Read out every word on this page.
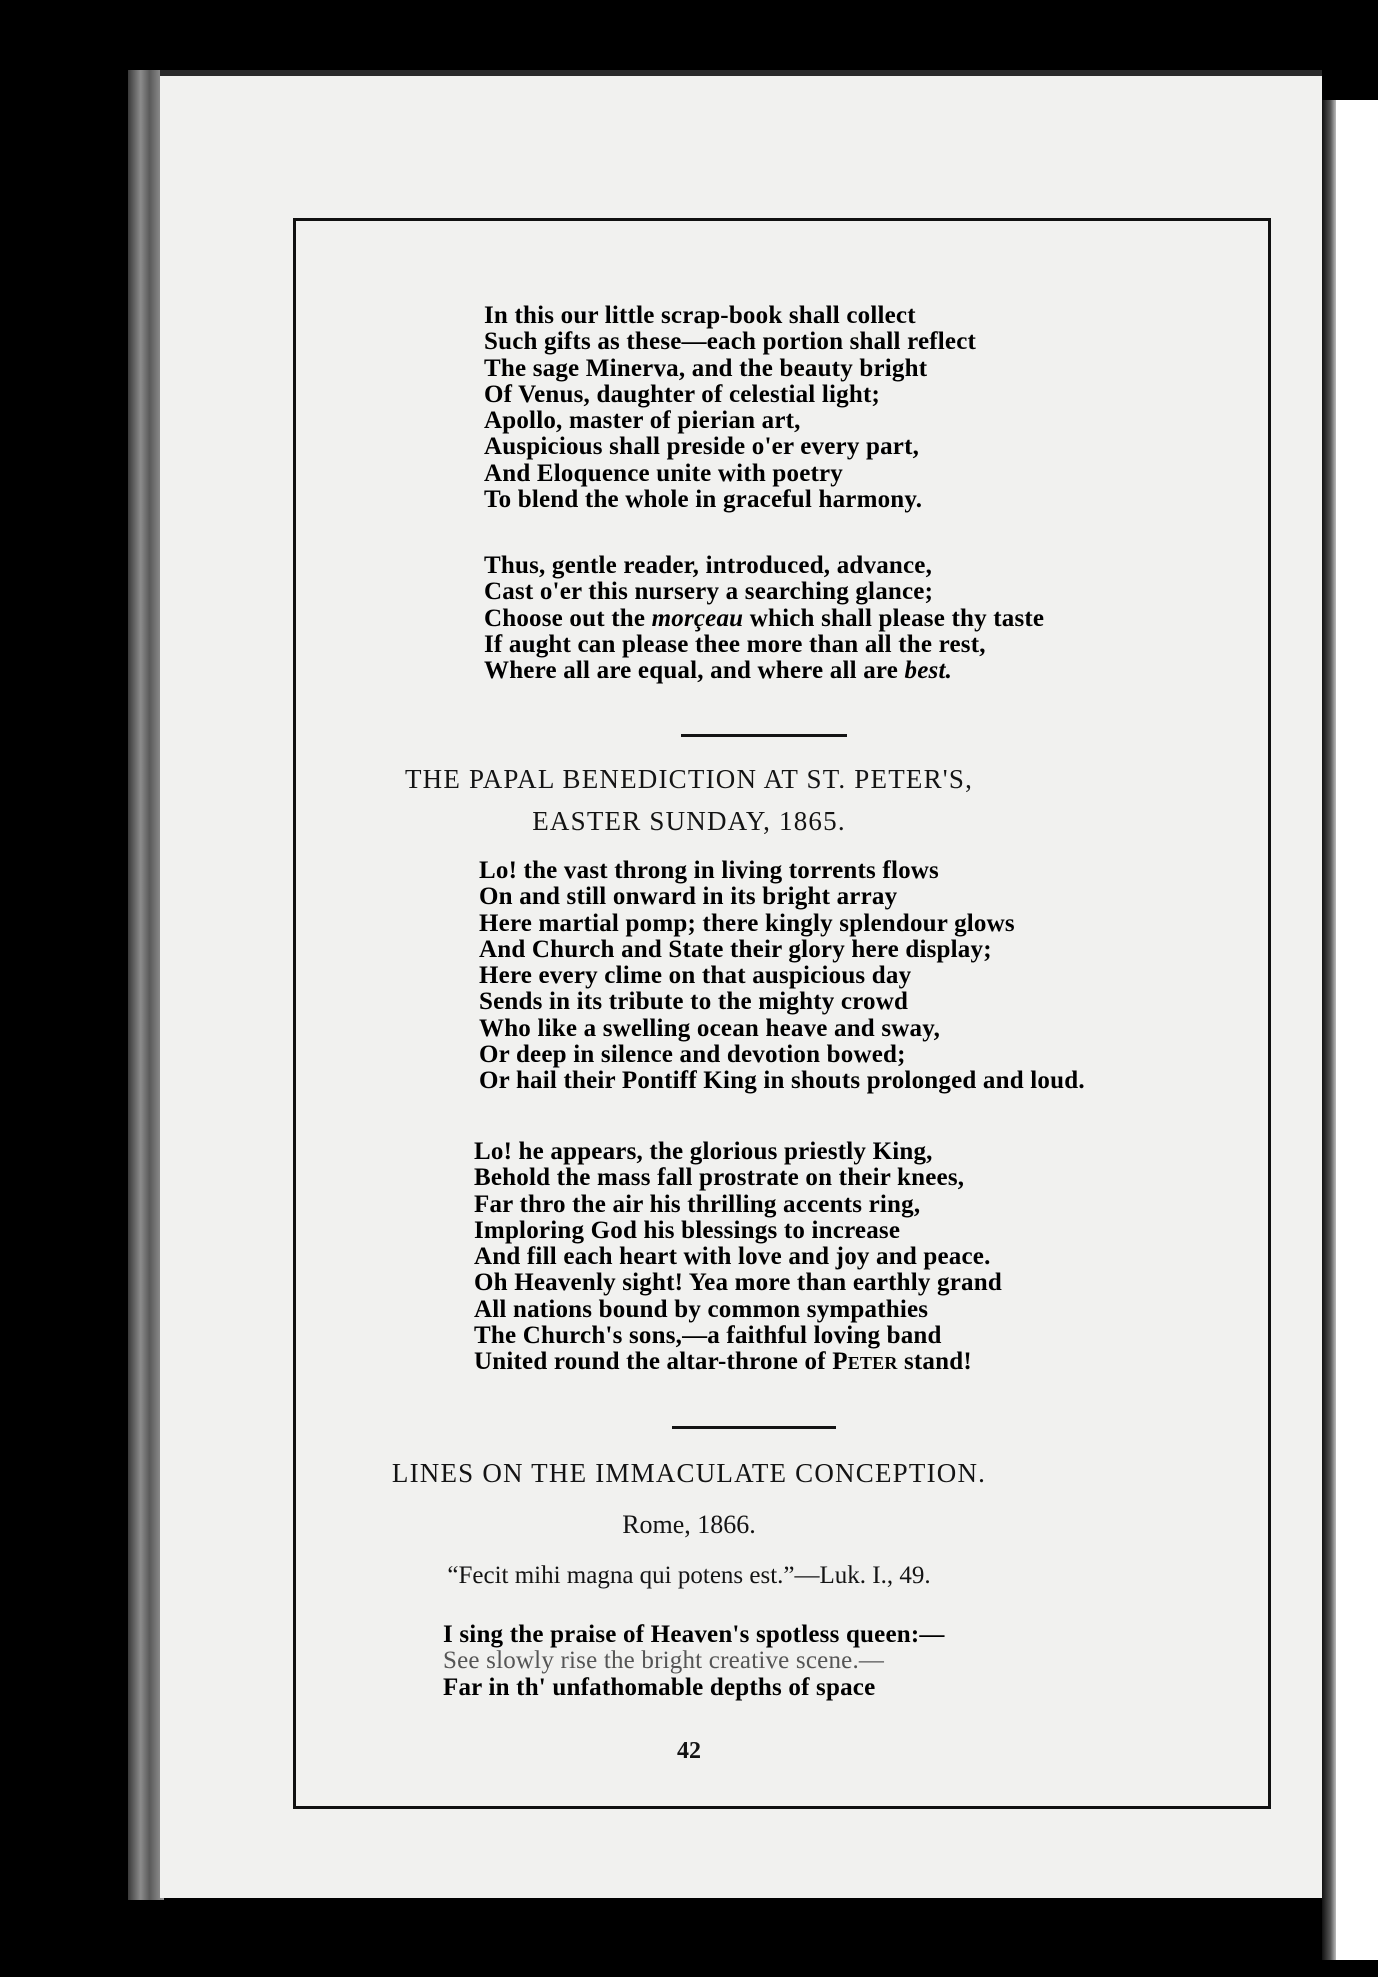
In this our little scrap-book shall collect
Such gifts as these—each portion shall reflect
The sage Minerva, and the beauty bright
Of Venus, daughter of celestial light;
Apollo, master of pierian art,
Auspicious shall preside o'er every part,
And Eloquence unite with poetry
To blend the whole in graceful harmony.
Thus, gentle reader, introduced, advance,
Cast o'er this nursery a searching glance;
Choose out the morçeau which shall please thy taste
If aught can please thee more than all the rest,
Where all are equal, and where all are best.
THE PAPAL BENEDICTION AT ST. PETER'S,
EASTER SUNDAY, 1865.
Lo! the vast throng in living torrents flows
On and still onward in its bright array
Here martial pomp; there kingly splendour glows
And Church and State their glory here display;
Here every clime on that auspicious day
Sends in its tribute to the mighty crowd
Who like a swelling ocean heave and sway,
Or deep in silence and devotion bowed;
Or hail their Pontiff King in shouts prolonged and loud.
Lo! he appears, the glorious priestly King,
Behold the mass fall prostrate on their knees,
Far thro the air his thrilling accents ring,
Imploring God his blessings to increase
And fill each heart with love and joy and peace.
Oh Heavenly sight! Yea more than earthly grand
All nations bound by common sympathies
The Church's sons,—a faithful loving band
United round the altar-throne of Peter stand!
LINES ON THE IMMACULATE CONCEPTION.
Rome, 1866.
“Fecit mihi magna qui potens est.”—Luk. I., 49.
I sing the praise of Heaven's spotless queen:—
See slowly rise the bright creative scene.—
Far in th' unfathomable depths of space
42
